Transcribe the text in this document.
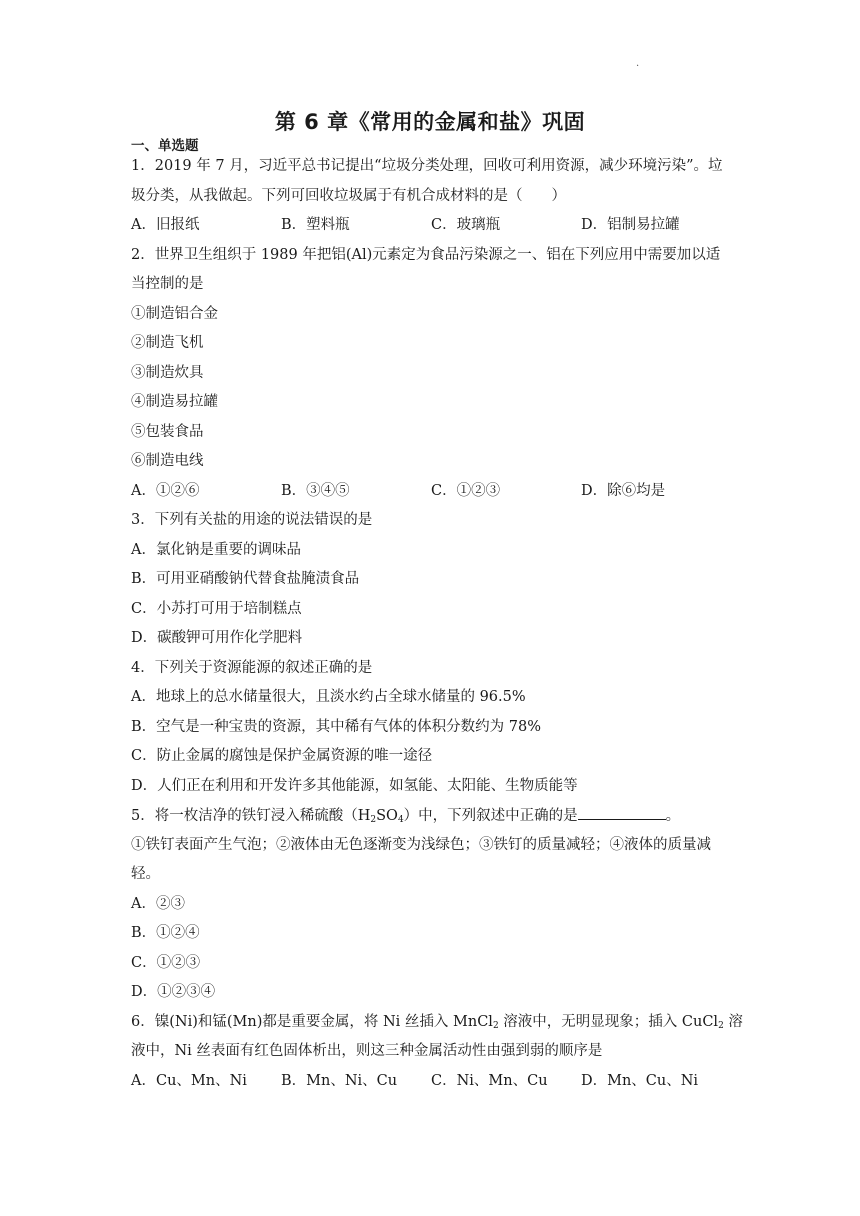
.
第 6 章《常用的金属和盐》巩固
一、单选题
1．2019 年 7 月，习近平总书记提出“垃圾分类处理，回收可利用资源，减少环境污染”。垃
圾分类，从我做起。下列可回收垃圾属于有机合成材料的是（　　）
A．旧报纸	B．塑料瓶	C．玻璃瓶	D．铝制易拉罐
2．世界卫生组织于 1989 年把铝(Al)元素定为食品污染源之一、铝在下列应用中需要加以适
当控制的是
①制造铝合金
②制造飞机
③制造炊具
④制造易拉罐
⑤包装食品
⑥制造电线
A．①②⑥	B．③④⑤	C．①②③	D．除⑥均是
3．下列有关盐的用途的说法错误的是
A．氯化钠是重要的调味品
B．可用亚硝酸钠代替食盐腌渍食品
C．小苏打可用于培制糕点
D．碳酸钾可用作化学肥料
4．下列关于资源能源的叙述正确的是
A．地球上的总水储量很大，且淡水约占全球水储量的 96.5%
B．空气是一种宝贵的资源，其中稀有气体的体积分数约为 78%
C．防止金属的腐蚀是保护金属资源的唯一途径
D．人们正在利用和开发许多其他能源，如氢能、太阳能、生物质能等
5．将一枚洁净的铁钉浸入稀硫酸$(H_2SO_4)$中，下列叙述中正确的是	。
①铁钉表面产生气泡；②液体由无色逐渐变为浅绿色；③铁钉的质量减轻；④液体的质量减
轻。
A．②③
B．①②④
C．①②③
D．①②③④
6．镍(Ni)和锰(Mn)都是重要金属，将 Ni 丝插入 MnCl$_2$ 溶液中，无明显现象；插入 CuCl$_2$ 溶
液中，Ni 丝表面有红色固体析出，则这三种金属活动性由强到弱的顺序是
A．Cu、Mn、Ni	B．Mn、Ni、Cu	C．Ni、Mn、Cu	D．Mn、Cu、Ni
